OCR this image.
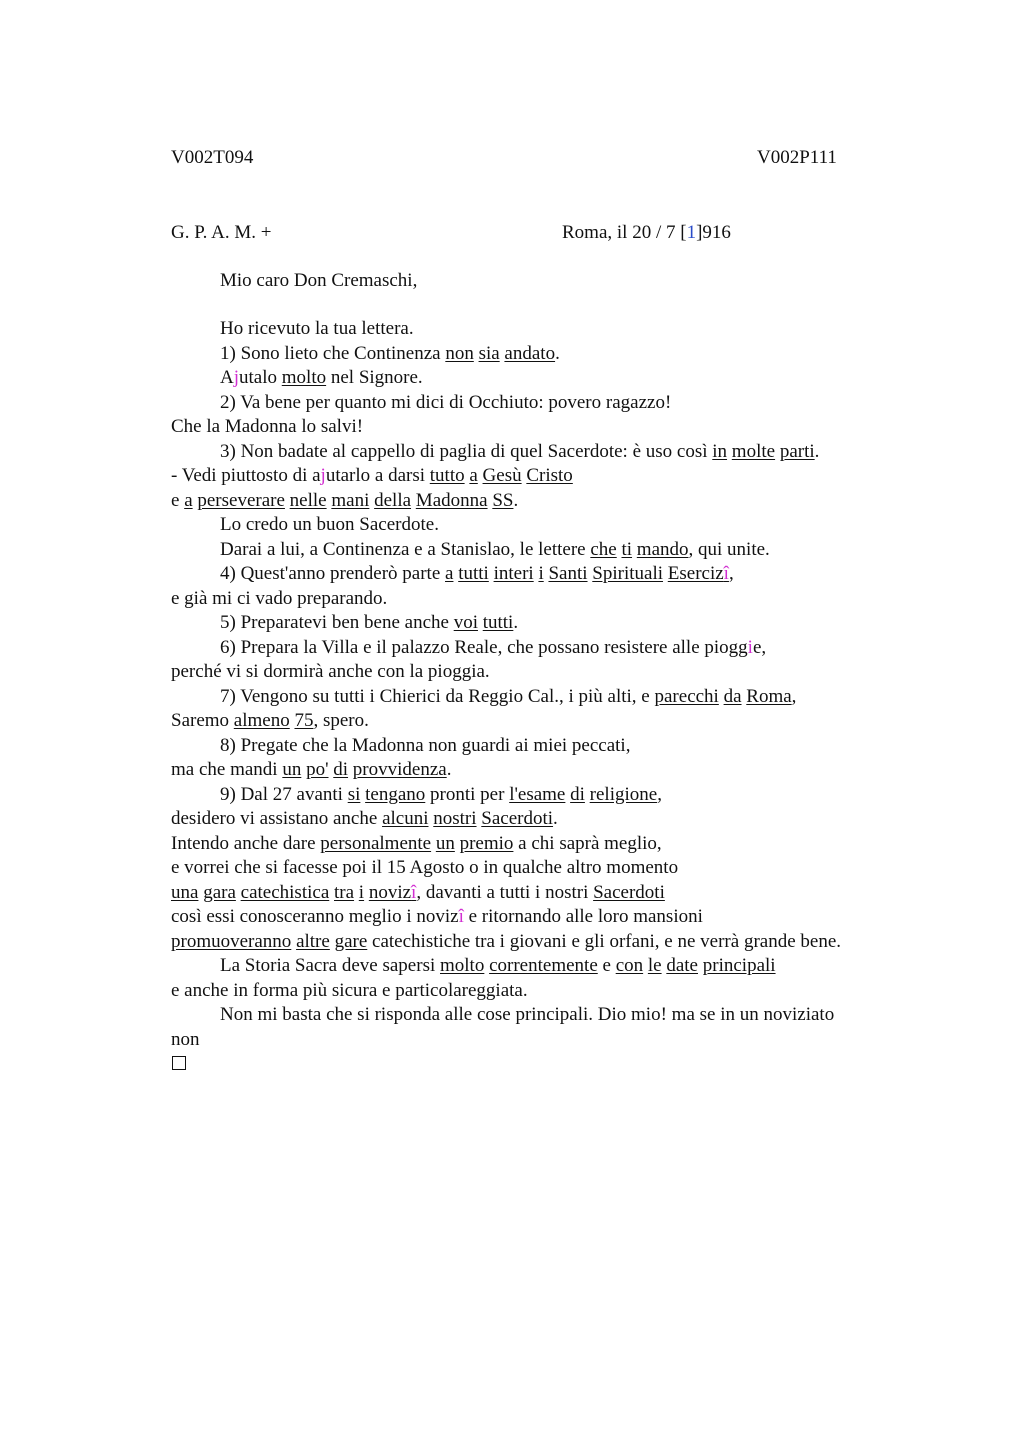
V002T094	V002P111
G. P. A. M. +	Roma, il 20 / 7 [1]916
Mio caro Don Cremaschi,
Ho ricevuto la tua lettera.
1) Sono lieto che Continenza non sia andato.
Ajutalo molto nel Signore.
2) Va bene per quanto mi dici di Occhiuto: povero ragazzo!
Che la Madonna lo salvi!
3) Non badate al cappello di paglia di quel Sacerdote: è uso così in molte parti.
- Vedi piuttosto di ajutarlo a darsi tutto a Gesù Cristo
e a perseverare nelle mani della Madonna SS.
Lo credo un buon Sacerdote.
Darai a lui, a Continenza e a Stanislao, le lettere che ti mando, qui unite.
4) Quest'anno prenderò parte a tutti interi i Santi Spirituali Esercizî,
e già mi ci vado preparando.
5) Preparatevi ben bene anche voi tutti.
6) Prepara la Villa e il palazzo Reale, che possano resistere alle pioggie,
perché vi si dormirà anche con la pioggia.
7) Vengono su tutti i Chierici da Reggio Cal., i più alti, e parecchi da Roma,
Saremo almeno 75, spero.
8) Pregate che la Madonna non guardi ai miei peccati,
ma che mandi un po' di provvidenza.
9) Dal 27 avanti si tengano pronti per l'esame di religione,
desidero vi assistano anche alcuni nostri Sacerdoti.
Intendo anche dare personalmente un premio a chi saprà meglio,
e vorrei che si facesse poi il 15 Agosto o in qualche altro momento
una gara catechistica tra i novizî, davanti a tutti i nostri Sacerdoti
così essi conosceranno meglio i novizî e ritornando alle loro mansioni
promuoveranno altre gare catechistiche tra i giovani e gli orfani, e ne verrà grande bene.
La Storia Sacra deve sapersi molto correntemente e con le date principali
e anche in forma più sicura e particolareggiata.
Non mi basta che si risponda alle cose principali. Dio mio! ma se in un noviziato
non
